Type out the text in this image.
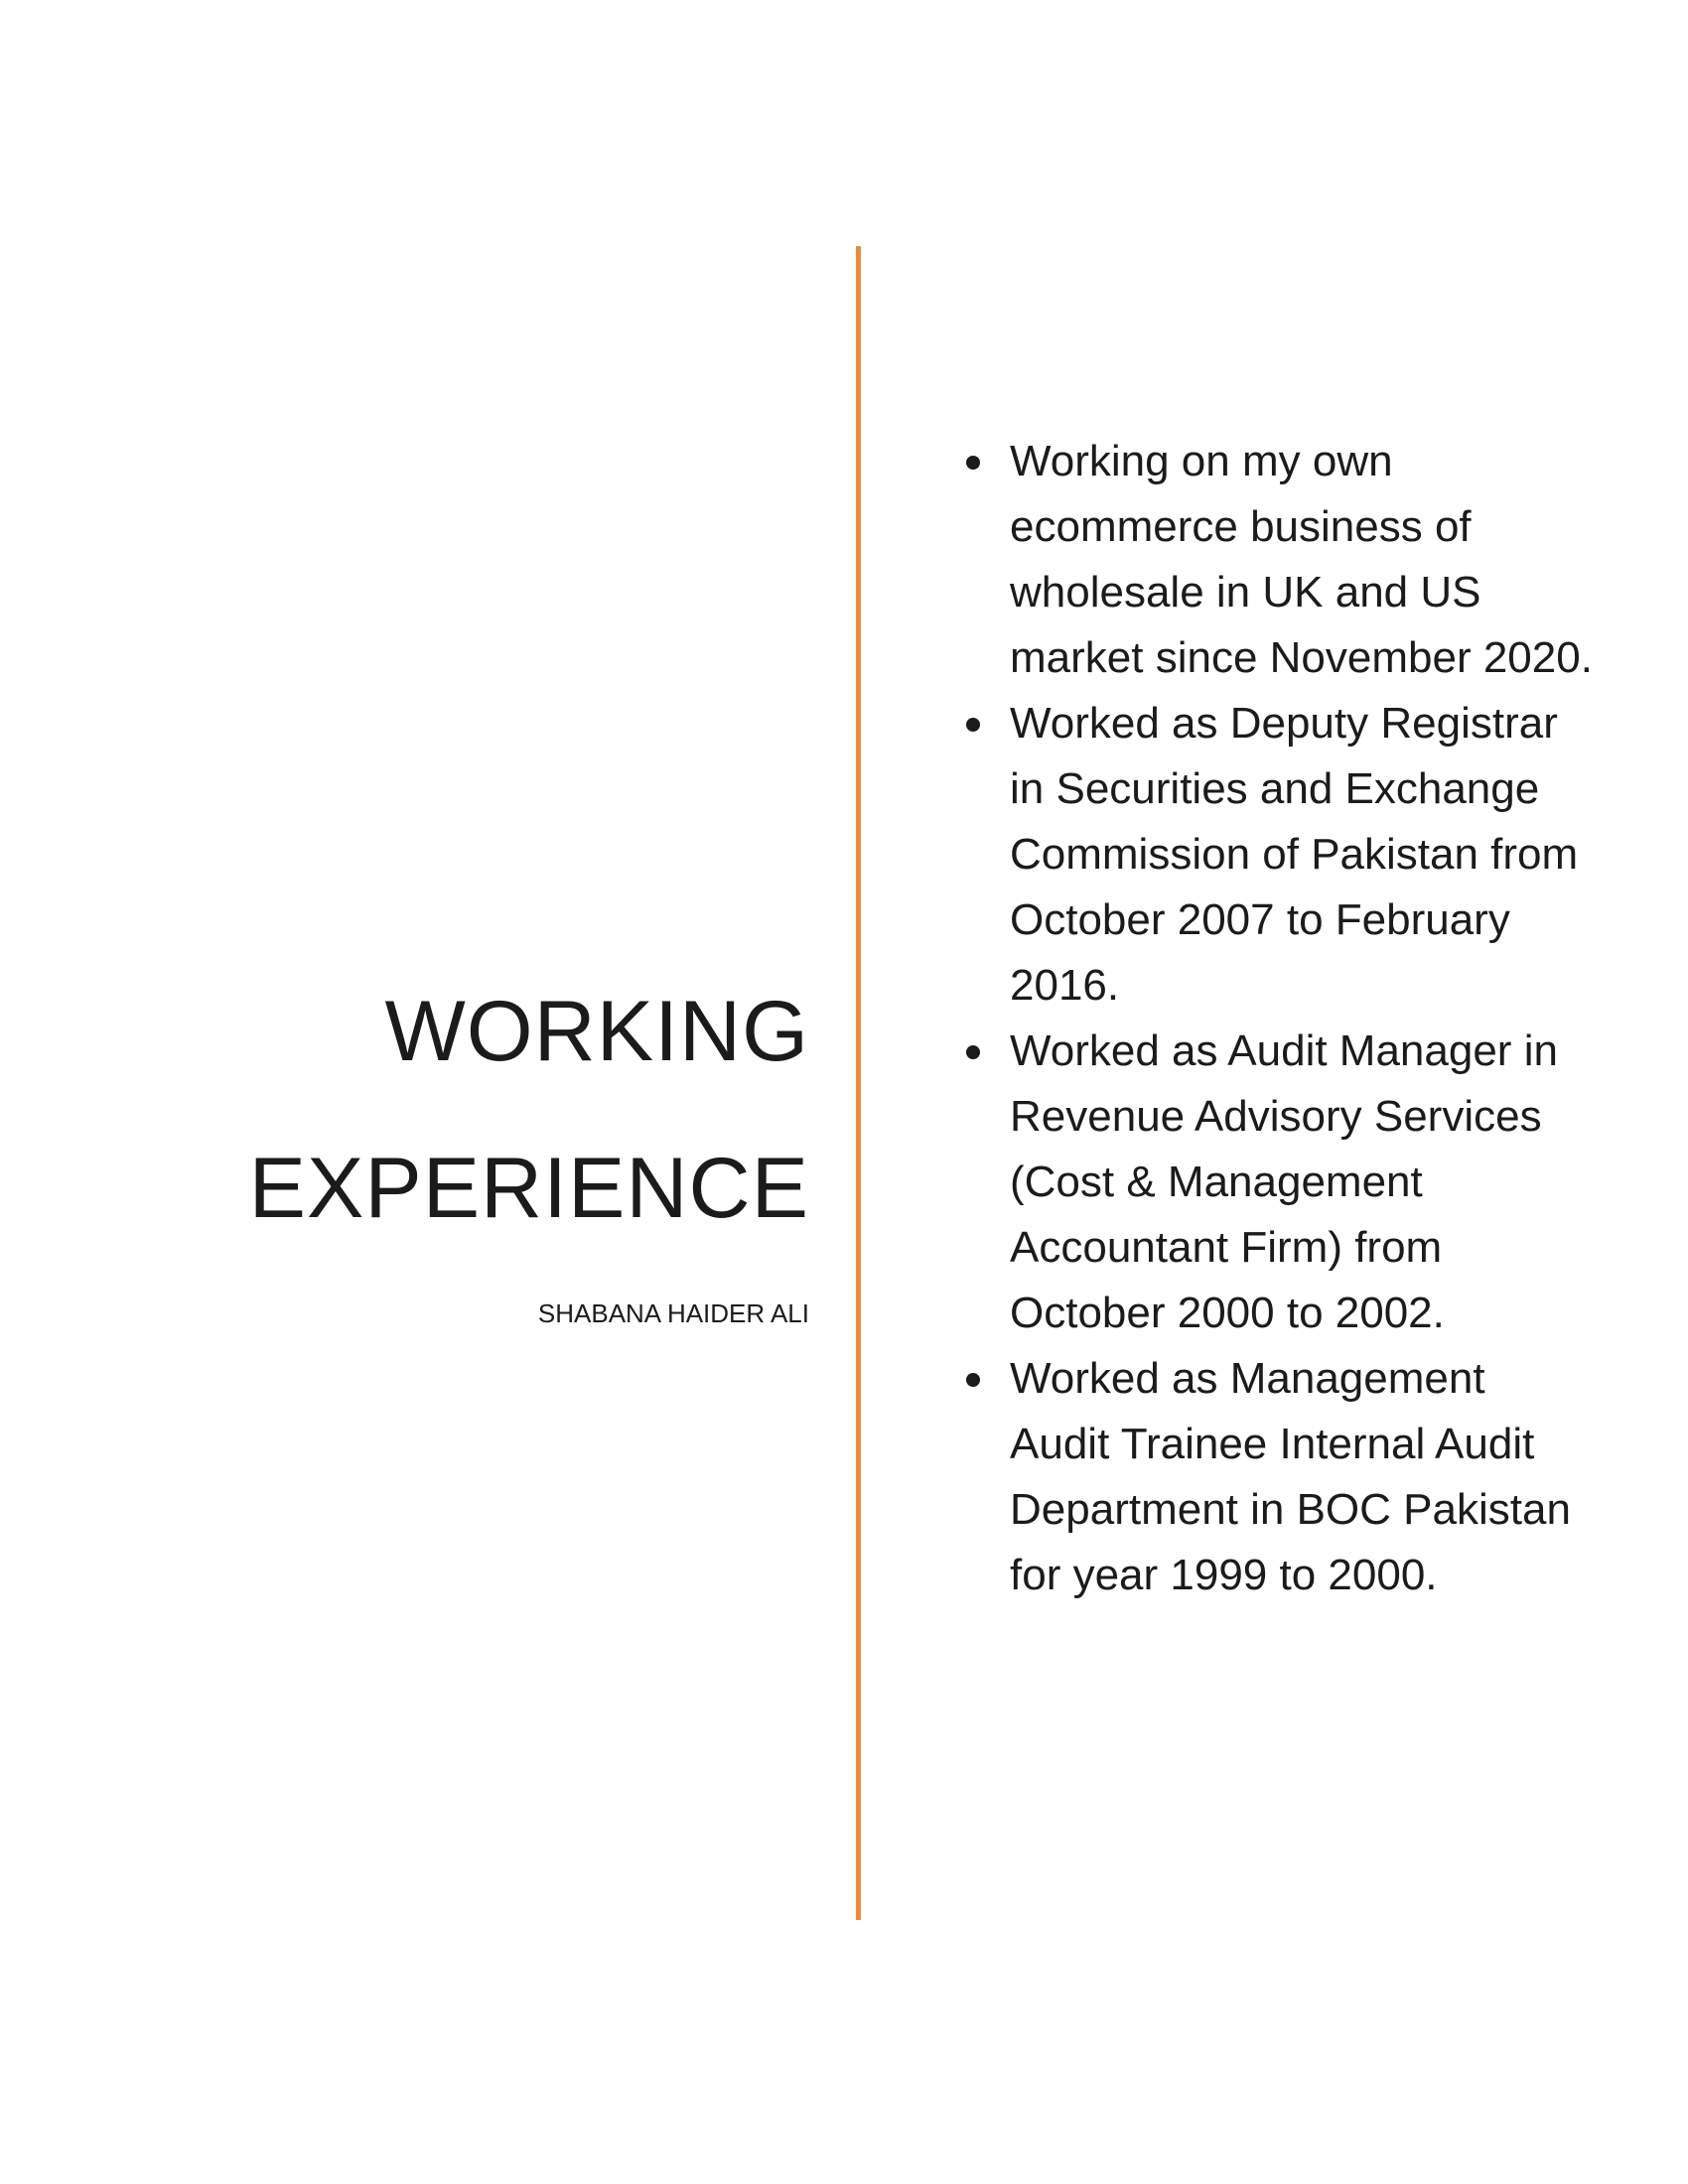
WORKING
EXPERIENCE
SHABANA HAIDER ALI
Working on my own ecommerce business of wholesale in UK and US market since November 2020.
Worked as Deputy Registrar in Securities and Exchange Commission of Pakistan from October 2007 to February 2016.
Worked as Audit Manager in Revenue Advisory Services (Cost & Management Accountant Firm) from October 2000 to 2002.
Worked as Management Audit Trainee Internal Audit Department in BOC Pakistan for year 1999 to 2000.
